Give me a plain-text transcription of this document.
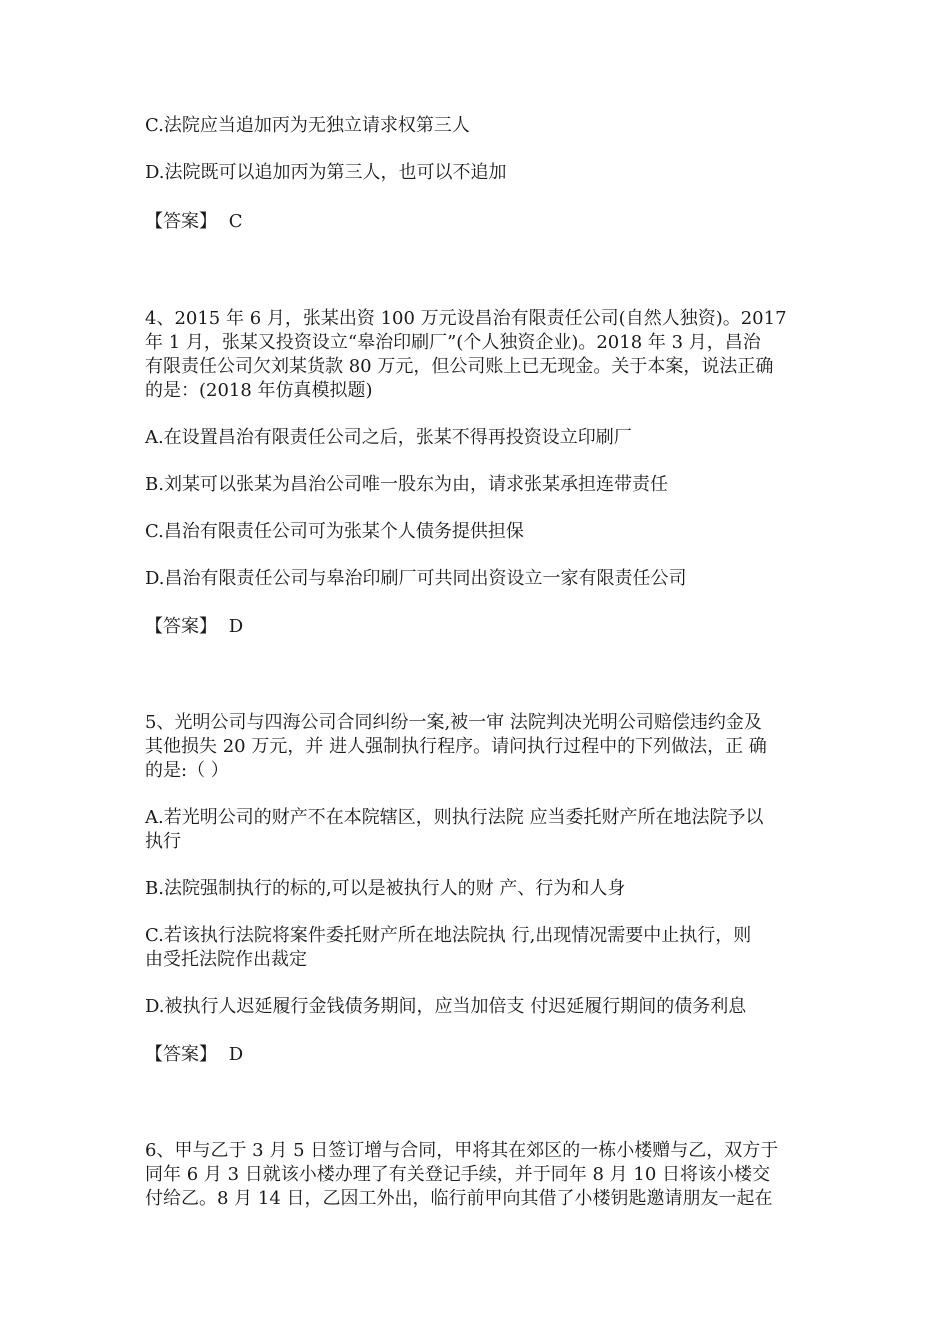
C.法院应当追加丙为无独立请求权第三人
D.法院既可以追加丙为第三人，也可以不追加
【答案】 C
4、2015 年 6 月，张某出资 100 万元设昌治有限责任公司(自然人独资)。2017
年 1 月，张某又投资设立“皋治印刷厂”(个人独资企业)。2018 年 3 月，昌治
有限责任公司欠刘某货款 80 万元，但公司账上已无现金。关于本案，说法正确
的是：(2018 年仿真模拟题)
A.在设置昌治有限责任公司之后，张某不得再投资设立印刷厂
B.刘某可以张某为昌治公司唯一股东为由，请求张某承担连带责任
C.昌治有限责任公司可为张某个人债务提供担保
D.昌治有限责任公司与皋治印刷厂可共同出资设立一家有限责任公司
【答案】 D
5、光明公司与四海公司合同纠纷一案,被一审 法院判决光明公司赔偿违约金及
其他损失 20 万元，并 进人强制执行程序。请问执行过程中的下列做法，正 确
的是:（ ）
A.若光明公司的财产不在本院辖区，则执行法院 应当委托财产所在地法院予以
执行
B.法院强制执行的标的,可以是被执行人的财 产、行为和人身
C.若该执行法院将案件委托财产所在地法院执 行,出现情况需要中止执行，则
由受托法院作出裁定
D.被执行人迟延履行金钱债务期间，应当加倍支 付迟延履行期间的债务利息
【答案】 D
6、甲与乙于 3 月 5 日签订增与合同，甲将其在郊区的一栋小楼赠与乙，双方于
同年 6 月 3 日就该小楼办理了有关登记手续，并于同年 8 月 10 日将该小楼交
付给乙。8 月 14 日，乙因工外出，临行前甲向其借了小楼钥匙邀请朋友一起在
